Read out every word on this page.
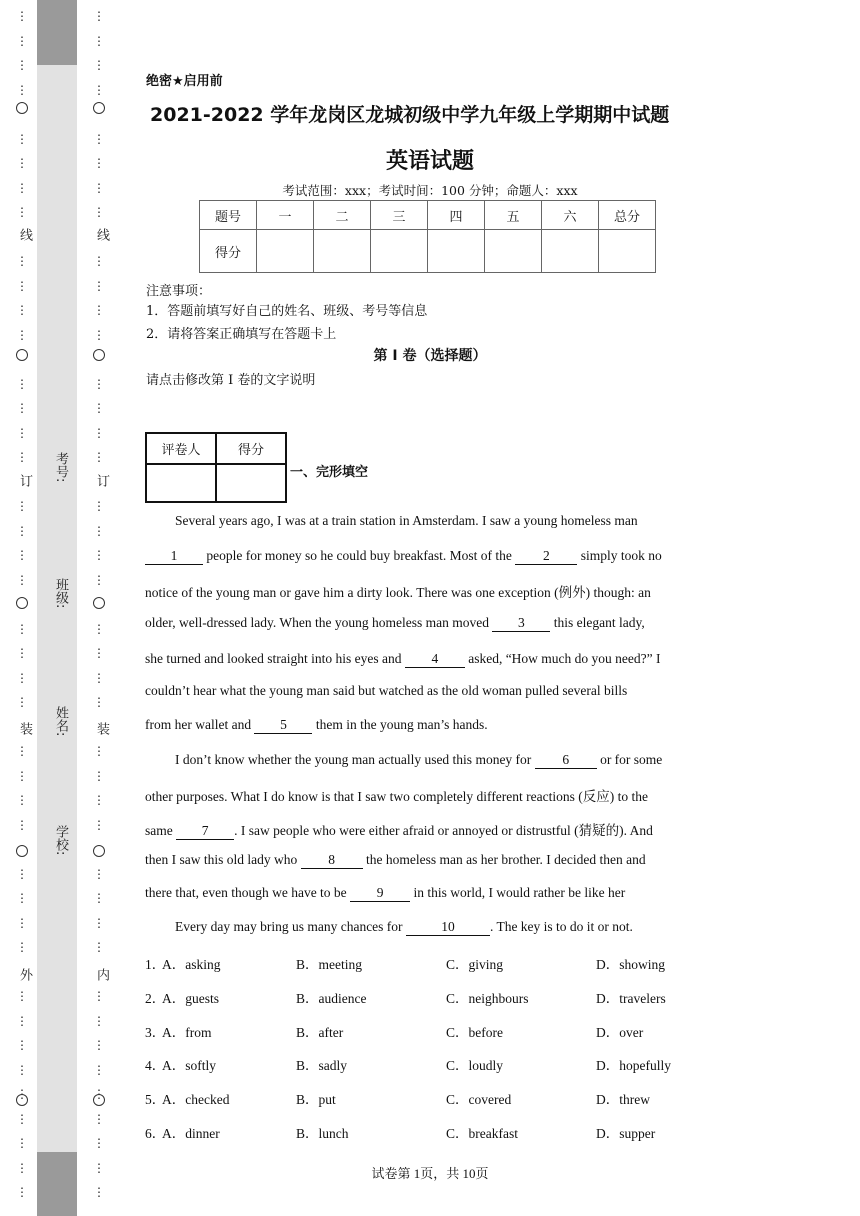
⋮
⋮
⋮
⋮
⋮
⋮
⋮
⋮
⋮
⋮
⋮
⋮
⋮
⋮
⋮
⋮
⋮
⋮
⋮
⋮
⋮
⋮
⋮
⋮
⋮
⋮
⋮
⋮
⋮
⋮
⋮
⋮
⋮
⋮
⋮
⋮
⋮
⋮
⋮
⋮
⋮
⋮
⋮
⋮
⋮
⋮
⋮
⋮
⋮
⋮
⋮
⋮
⋮
⋮
⋮
⋮
⋮
⋮
⋮
⋮
⋮
⋮
⋮
⋮
⋮
⋮
⋮
⋮
⋮
⋮
⋮
⋮
⋮
⋮
⋮
⋮
⋮
⋮
⋮
⋮
⋮
⋮
线
订
装
外
线
订
装
内
考号:
班级:
姓名:
学校:
绝密★启用前
2021-2022 学年龙岗区龙城初级中学九年级上学期期中试题
英语试题
考试范围：xxx；考试时间：100 分钟；命题人：xxx
题号	一	二	三	四	五	六	总分
得分							
注意事项：
1．答题前填写好自己的姓名、班级、考号等信息
2．请将答案正确填写在答题卡上
第 I 卷（选择题）
请点击修改第 I 卷的文字说明
评卷人	得分

一、完形填空
Several years ago, I was at a train station in Amsterdam. I saw a young homeless man
1 people for money so he could buy breakfast. Most of the 2 simply took no
notice of the young man or gave him a dirty look. There was one exception (例外) though: an
older, well-dressed lady. When the young homeless man moved 3 this elegant lady,
she turned and looked straight into his eyes and 4 asked, “How much do you need?” I
couldn’t hear what the young man said but watched as the old woman pulled several bills
from her wallet and 5 them in the young man’s hands.
I don’t know whether the young man actually used this money for 6 or for some
other purposes. What I do know is that I saw two completely different reactions (反应) to the
same 7 . I saw people who were either afraid or annoyed or distrustful (猜疑的). And
then I saw this old lady who 8 the homeless man as her brother. I decided then and
there that, even though we have to be 9 in this world, I would rather be like her
Every day may bring us many chances for	10	. The key is to do it or not.
1．
A．asking	B．meeting	C．giving	D．showing
2．
A．guests	B．audience	C．neighbours	D．travelers
3．
A．from	B．after	C．before	D．over
4．
A．softly	B．sadly	C．loudly	D．hopefully
5．
A．checked	B．put	C．covered	D．threw
6．
A．dinner	B．lunch	C．breakfast	D．supper
试卷第 1页，共 10页
